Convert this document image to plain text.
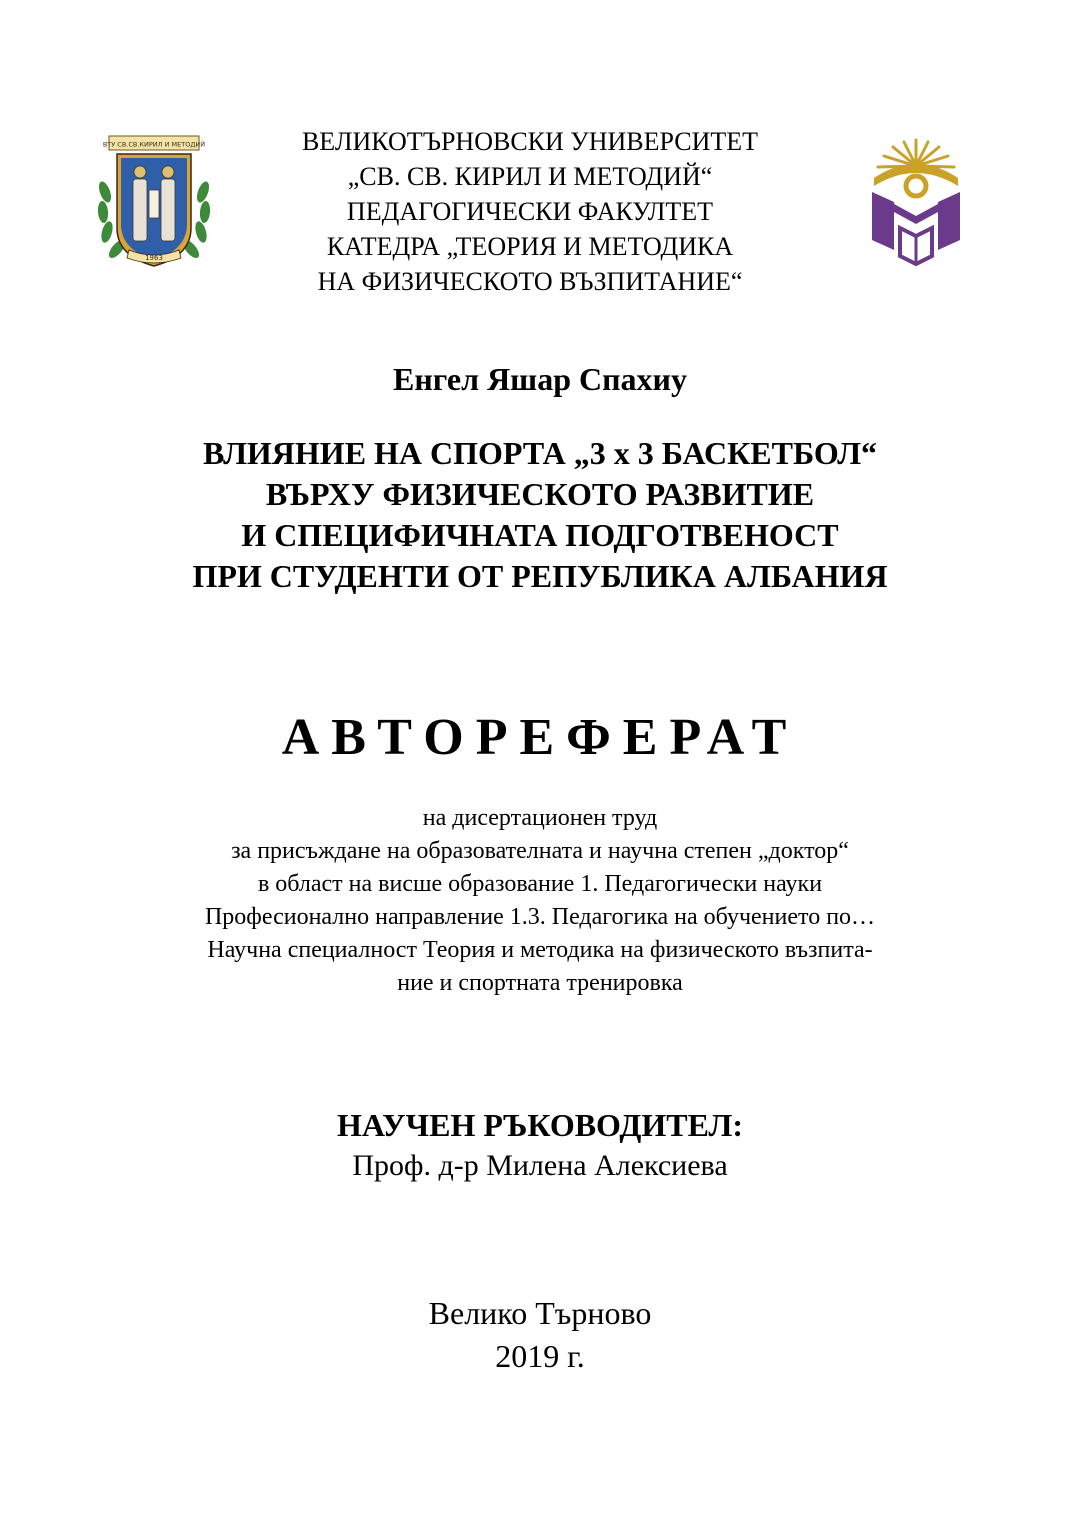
ВТУ СВ.СВ.КИРИЛ И МЕТОДИЙ
1963
ВЕЛИКОТЪРНОВСКИ УНИВЕРСИТЕТ
„СВ. СВ. КИРИЛ И МЕТОДИЙ“
ПЕДАГОГИЧЕСКИ ФАКУЛТЕТ
КАТЕДРА „ТЕОРИЯ И МЕТОДИКА
НА ФИЗИЧЕСКОТО ВЪЗПИТАНИЕ“
Енгел Яшар Спахиу
ВЛИЯНИЕ НА СПОРТА „3 х 3 БАСКЕТБОЛ“
ВЪРХУ ФИЗИЧЕСКОТО РАЗВИТИЕ
И СПЕЦИФИЧНАТА ПОДГОТВЕНОСТ
ПРИ СТУДЕНТИ ОТ РЕПУБЛИКА АЛБАНИЯ
АВТОРЕФЕРАТ
на дисертационен труд
за присъждане на образователната и научна степен „доктор“
в област на висше образование 1. Педагогически науки
Професионално направление 1.3. Педагогика на обучението по…
Научна специалност Теория и методика на физическото възпита-
ние и спортната тренировка
НАУЧЕН РЪКОВОДИТЕЛ:
Проф. д-р Милена Алексиева
Велико Търново
2019 г.
